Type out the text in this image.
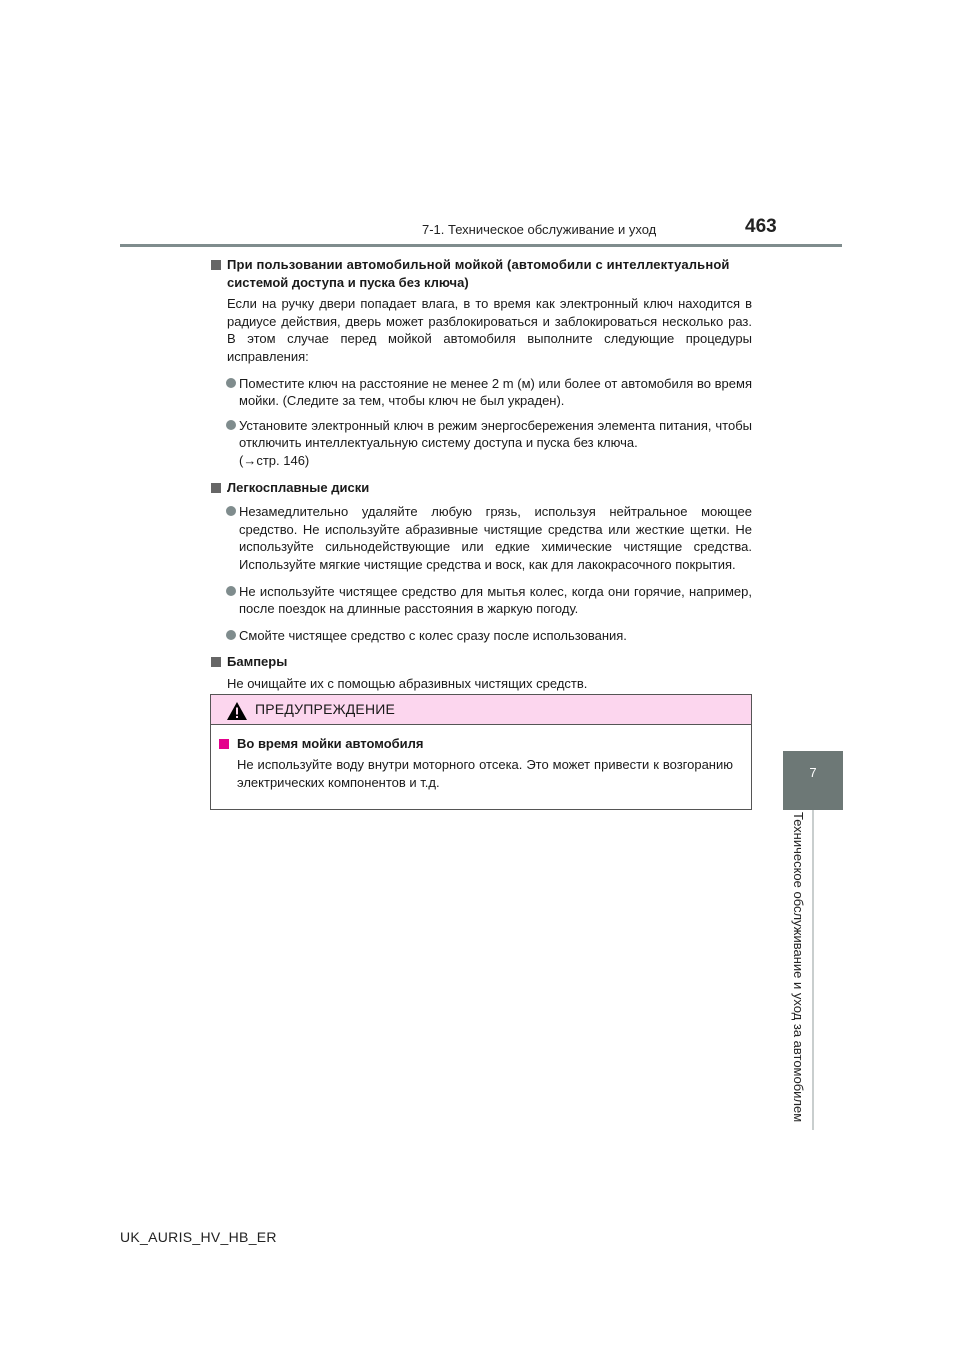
7-1. Техническое обслуживание и уход	463
7
Техническое обслуживание и уход за автомобилем
При пользовании автомобильной мойкой (автомобили с интеллектуальной
системой доступа и пуска без ключа)
Если на ручку двери попадает влага, в то время как электронный ключ находится в радиусе действия, дверь может разблокироваться и заблокироваться несколько раз. В этом случае перед мойкой автомобиля выполните следующие процедуры исправления:
Поместите ключ на расстояние не менее 2 m (м) или более от автомобиля во время мойки. (Следите за тем, чтобы ключ не был украден).
Установите электронный ключ в режим энергосбережения элемента питания, чтобы отключить интеллектуальную систему доступа и пуска без ключа.
(→стр. 146)
Легкосплавные диски
Незамедлительно удаляйте любую грязь, используя нейтральное моющее средство. Не используйте абразивные чистящие средства или жесткие щетки. Не используйте сильнодействующие или едкие химические чистящие средства. Используйте мягкие чистящие средства и воск, как для лакокрасочного покрытия.
Не используйте чистящее средство для мытья колес, когда они горячие, например, после поездок на длинные расстояния в жаркую погоду.
Смойте чистящее средство с колес сразу после использования.
Бамперы
Не очищайте их с помощью абразивных чистящих средств.
ПРЕДУПРЕЖДЕНИЕ
Во время мойки автомобиля
Не используйте воду внутри моторного отсека. Это может привести к возгоранию электрических компонентов и т.д.
UK_AURIS_HV_HB_ER
